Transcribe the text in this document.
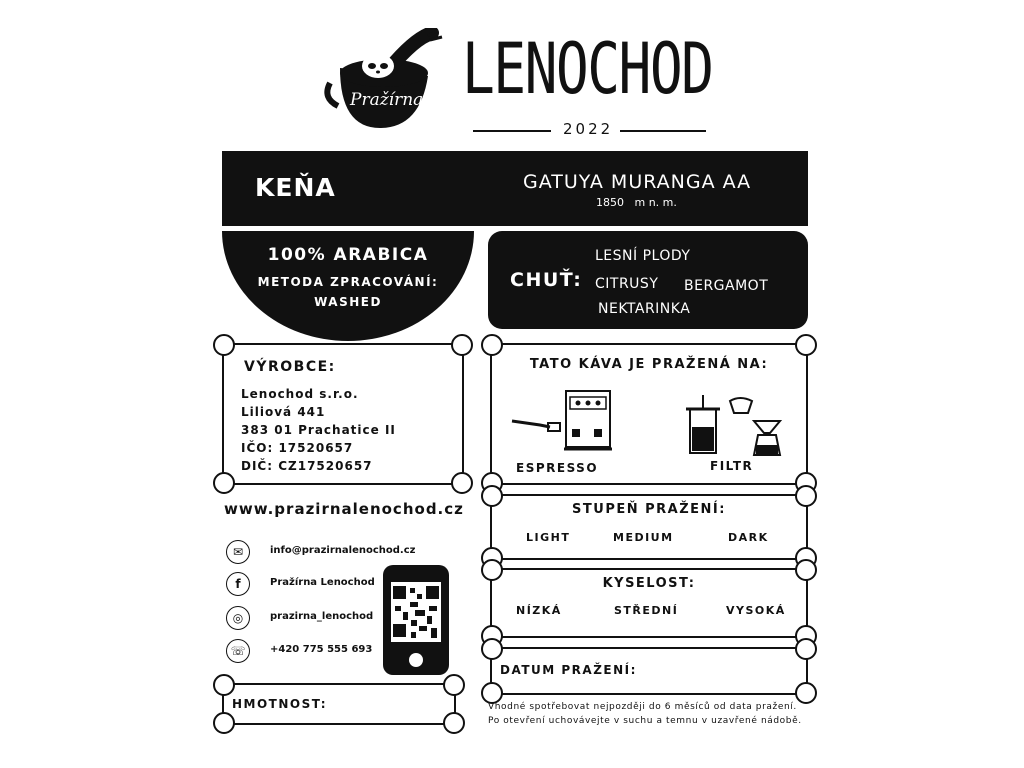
Pražírna LENOCHOD
2022
KEŇA	GATUYA MURANGA AA
1850   m n. m.
100% ARABICA
METODA ZPRACOVÁNÍ:
WASHED
CHUŤ:
LESNÍ PLODY
CITRUSY BERGAMOT
NEKTARINKA
VÝROBCE:
Lenochod s.r.o.
Liliová 441
383 01 Prachatice II
IČO: 17520657
DIČ: CZ17520657
TATO KÁVA JE PRAŽENÁ NA:
ESPRESSO	FILTR
www.prazirnalenochod.cz
✉	info@prazirnalenochod.cz
f	Pražírna Lenochod
◎	prazirna_lenochod
☏	+420 775 555 693
HMOTNOST:
STUPEŇ PRAŽENÍ:
LIGHT	MEDIUM	DARK
KYSELOST:
NÍZKÁ	STŘEDNÍ	VYSOKÁ
DATUM PRAŽENÍ:
Vhodné spotřebovat nejpozději do 6 měsíců od data pražení.
Po otevření uchovávejte v suchu a temnu v uzavřené nádobě.
